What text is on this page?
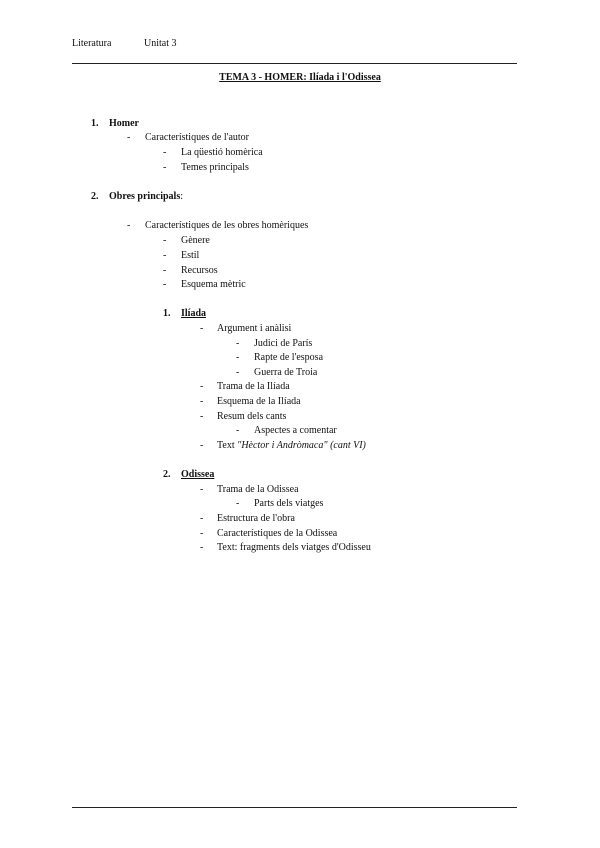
Literatura	Unitat 3
TEMA 3 - HOMER: Ilíada i l'Odissea
1. Homer
- Característiques de l'autor
- La qüestió homèrica
- Temes principals
2. Obres principals:
- Característiques de les obres homèriques
- Gènere
- Estil
- Recursos
- Esquema mètric
1. Ilíada
- Argument i anàlisi
- Judici de París
- Rapte de l'esposa
- Guerra de Troia
- Trama de la Ilíada
- Esquema de la Ilíada
- Resum dels cants
- Aspectes a comentar
- Text "Hèctor i Andròmaca" (cant VI)
2. Odissea
- Trama de la Odissea
- Parts dels viatges
- Estructura de l'obra
- Característiques de la Odissea
- Text: fragments dels viatges d'Odisseu
